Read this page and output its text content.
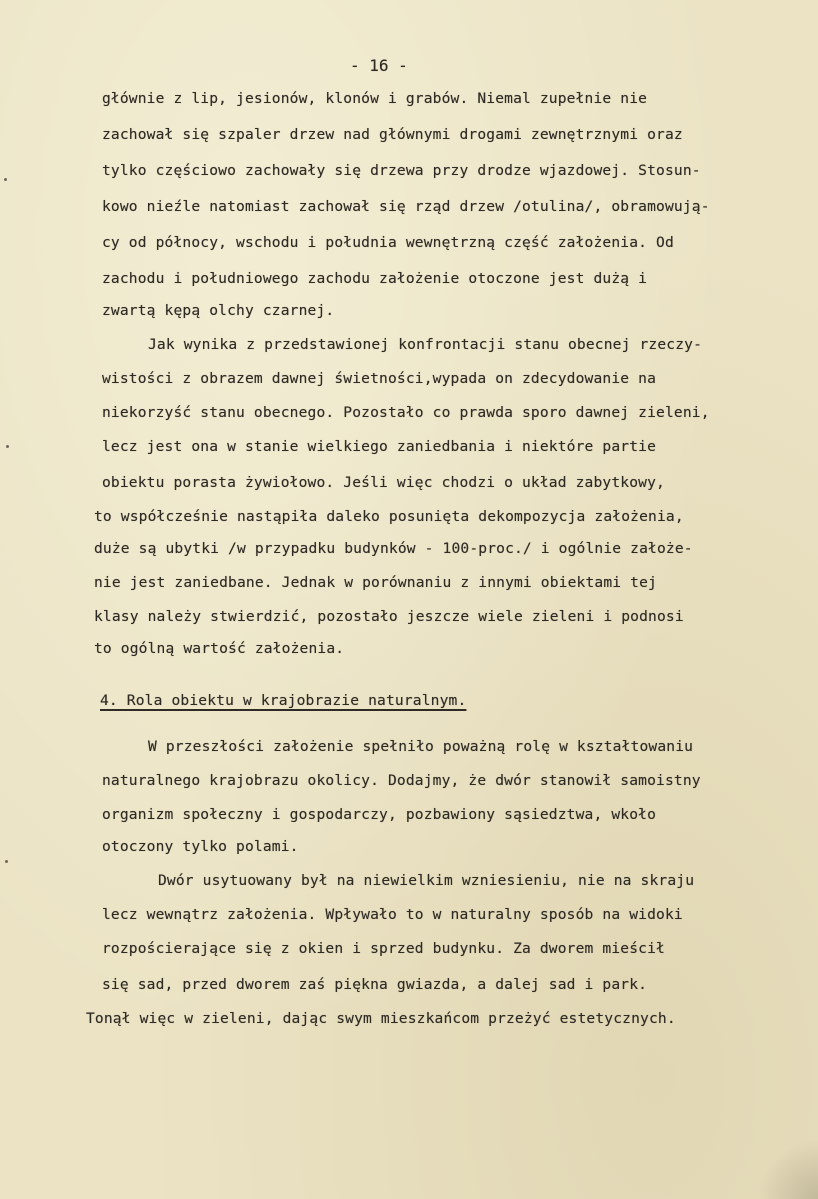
- 16 -
głównie z lip, jesionów, klonów i grabów. Niemal zupełnie nie
zachował się szpaler drzew nad głównymi drogami zewnętrznymi oraz
tylko częściowo zachowały się drzewa przy drodze wjazdowej. Stosun-
kowo nieźle natomiast zachował się rząd drzew /otulina/, obramowują-
cy od północy, wschodu i południa wewnętrzną część założenia. Od
zachodu i południowego zachodu założenie otoczone jest dużą i
zwartą kępą olchy czarnej.
Jak wynika z przedstawionej konfrontacji stanu obecnej rzeczy-
wistości z obrazem dawnej świetności,wypada on zdecydowanie na
niekorzyść stanu obecnego. Pozostało co prawda sporo dawnej zieleni,
lecz jest ona w stanie wielkiego zaniedbania i niektóre partie
obiektu porasta żywiołowo. Jeśli więc chodzi o układ zabytkowy,
to współcześnie nastąpiła daleko posunięta dekompozycja założenia,
duże są ubytki /w przypadku budynków - 100-proc./ i ogólnie założe-
nie jest zaniedbane. Jednak w porównaniu z innymi obiektami tej
klasy należy stwierdzić, pozostało jeszcze wiele zieleni i podnosi
to ogólną wartość założenia.
4. Rola obiektu w krajobrazie naturalnym.
W przeszłości założenie spełniło poważną rolę w kształtowaniu
naturalnego krajobrazu okolicy. Dodajmy, że dwór stanowił samoistny
organizm społeczny i gospodarczy, pozbawiony sąsiedztwa, wkoło
otoczony tylko polami.
Dwór usytuowany był na niewielkim wzniesieniu, nie na skraju
lecz wewnątrz założenia. Wpływało to w naturalny sposób na widoki
rozpościerające się z okien i sprzed budynku. Za dworem mieścił
się sad, przed dworem zaś piękna gwiazda, a dalej sad i park.
Tonął więc w zieleni, dając swym mieszkańcom przeżyć estetycznych.
